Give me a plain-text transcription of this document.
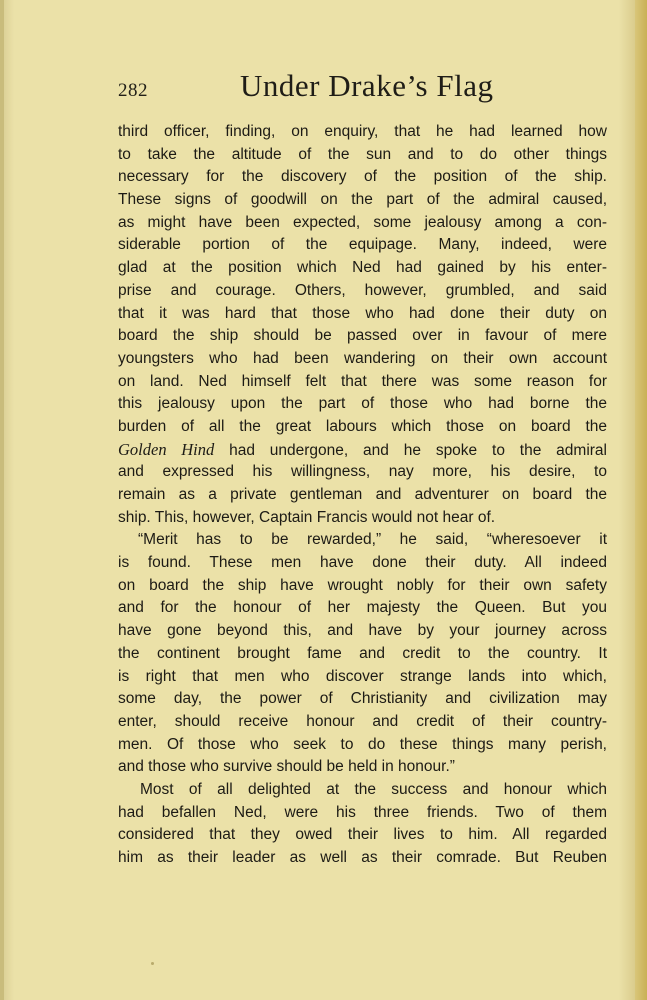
282	Under Drake’s Flag
third officer, finding, on enquiry, that he had learned how
to take the altitude of the sun and to do other things
necessary for the discovery of the position of the ship.
These signs of goodwill on the part of the admiral caused,
as might have been expected, some jealousy among a con-
siderable portion of the equipage. Many, indeed, were
glad at the position which Ned had gained by his enter-
prise and courage. Others, however, grumbled, and said
that it was hard that those who had done their duty on
board the ship should be passed over in favour of mere
youngsters who had been wandering on their own account
on land. Ned himself felt that there was some reason for
this jealousy upon the part of those who had borne the
burden of all the great labours which those on board the
Golden Hind had undergone, and he spoke to the admiral
and expressed his willingness, nay more, his desire, to
remain as a private gentleman and adventurer on board the
ship. This, however, Captain Francis would not hear of.
“Merit has to be rewarded,” he said, “wheresoever it
is found. These men have done their duty. All indeed
on board the ship have wrought nobly for their own safety
and for the honour of her majesty the Queen. But you
have gone beyond this, and have by your journey across
the continent brought fame and credit to the country. It
is right that men who discover strange lands into which,
some day, the power of Christianity and civilization may
enter, should receive honour and credit of their country-
men. Of those who seek to do these things many perish,
and those who survive should be held in honour.”
Most of all delighted at the success and honour which
had befallen Ned, were his three friends. Two of them
considered that they owed their lives to him. All regarded
him as their leader as well as their comrade. But Reuben
